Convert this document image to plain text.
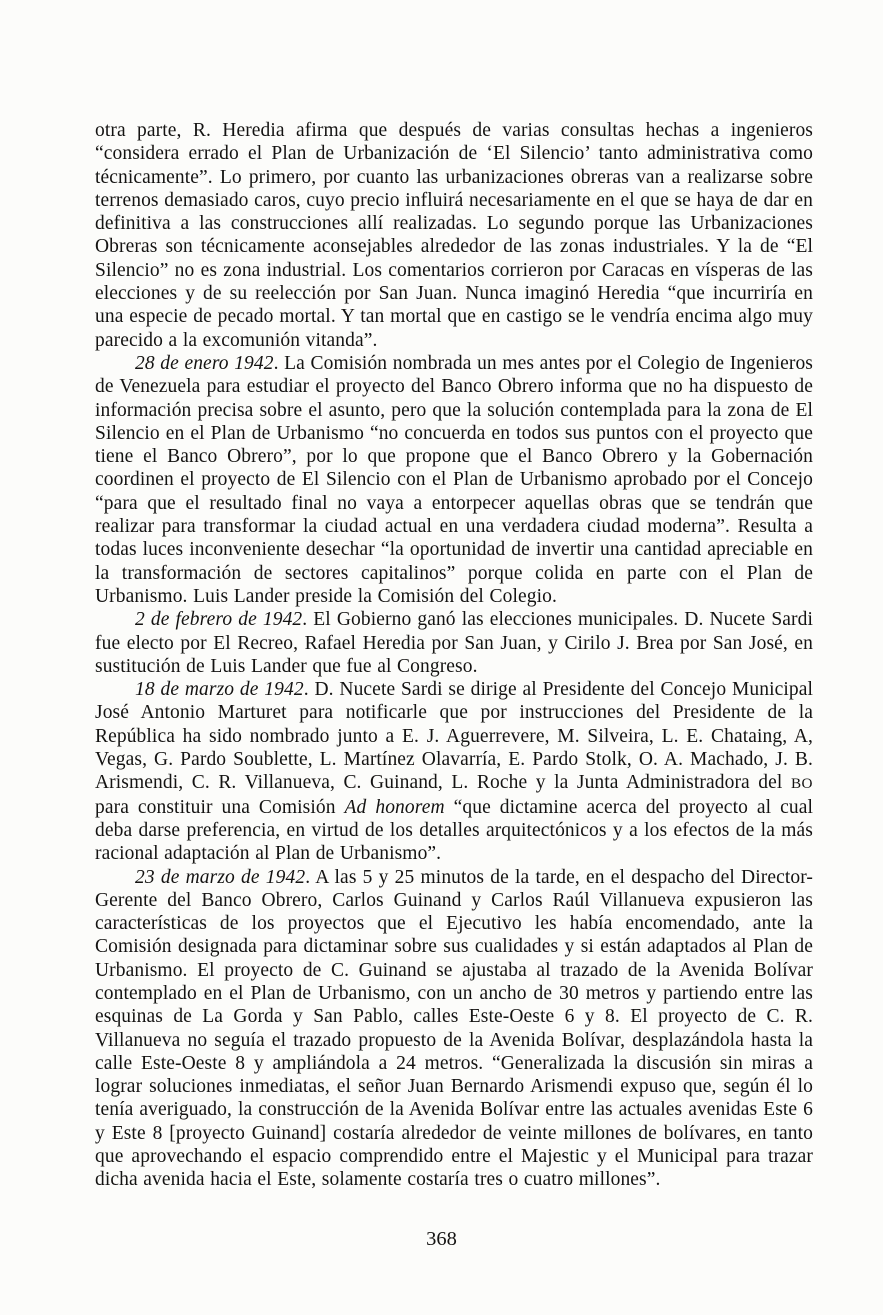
otra parte, R. Heredia afirma que después de varias consultas hechas a ingenieros “considera errado el Plan de Urbanización de ‘El Silencio’ tanto administrativa como técnicamente”. Lo primero, por cuanto las urbanizaciones obreras van a realizarse sobre terrenos demasiado caros, cuyo precio influirá necesariamente en el que se haya de dar en definitiva a las construcciones allí realizadas. Lo segundo porque las Urbanizaciones Obreras son técnicamente aconsejables alrededor de las zonas industriales. Y la de “El Silencio” no es zona industrial. Los comentarios corrieron por Caracas en vísperas de las elecciones y de su reelección por San Juan. Nunca imaginó Heredia “que incurriría en una especie de pecado mortal. Y tan mortal que en castigo se le vendría encima algo muy parecido a la excomunión vitanda”.

28 de enero 1942. La Comisión nombrada un mes antes por el Colegio de Ingenieros de Venezuela para estudiar el proyecto del Banco Obrero informa que no ha dispuesto de información precisa sobre el asunto, pero que la solución contemplada para la zona de El Silencio en el Plan de Urbanismo “no concuerda en todos sus puntos con el proyecto que tiene el Banco Obrero”, por lo que propone que el Banco Obrero y la Gobernación coordinen el proyecto de El Silencio con el Plan de Urbanismo aprobado por el Concejo “para que el resultado final no vaya a entorpecer aquellas obras que se tendrán que realizar para transformar la ciudad actual en una verdadera ciudad moderna”. Resulta a todas luces inconveniente desechar “la oportunidad de invertir una cantidad apreciable en la transformación de sectores capitalinos” porque colida en parte con el Plan de Urbanismo. Luis Lander preside la Comisión del Colegio.

2 de febrero de 1942. El Gobierno ganó las elecciones municipales. D. Nucete Sardi fue electo por El Recreo, Rafael Heredia por San Juan, y Cirilo J. Brea por San José, en sustitución de Luis Lander que fue al Congreso.

18 de marzo de 1942. D. Nucete Sardi se dirige al Presidente del Concejo Municipal José Antonio Marturet para notificarle que por instrucciones del Presidente de la República ha sido nombrado junto a E. J. Aguerrevere, M. Silveira, L. E. Chataing, A, Vegas, G. Pardo Soublette, L. Martínez Olavarría, E. Pardo Stolk, O. A. Machado, J. B. Arismendi, C. R. Villanueva, C. Guinand, L. Roche y la Junta Administradora del BO para constituir una Comisión Ad honorem “que dictamine acerca del proyecto al cual deba darse preferencia, en virtud de los detalles arquitectónicos y a los efectos de la más racional adaptación al Plan de Urbanismo”.

23 de marzo de 1942. A las 5 y 25 minutos de la tarde, en el despacho del Director-Gerente del Banco Obrero, Carlos Guinand y Carlos Raúl Villanueva expusieron las características de los proyectos que el Ejecutivo les había encomendado, ante la Comisión designada para dictaminar sobre sus cualidades y si están adaptados al Plan de Urbanismo. El proyecto de C. Guinand se ajustaba al trazado de la Avenida Bolívar contemplado en el Plan de Urbanismo, con un ancho de 30 metros y partiendo entre las esquinas de La Gorda y San Pablo, calles Este-Oeste 6 y 8. El proyecto de C. R. Villanueva no seguía el trazado propuesto de la Avenida Bolívar, desplazándola hasta la calle Este-Oeste 8 y ampliándola a 24 metros. “Generalizada la discusión sin miras a lograr soluciones inmediatas, el señor Juan Bernardo Arismendi expuso que, según él lo tenía averiguado, la construcción de la Avenida Bolívar entre las actuales avenidas Este 6 y Este 8 [proyecto Guinand] costaría alrededor de veinte millones de bolívares, en tanto que aprovechando el espacio comprendido entre el Majestic y el Municipal para trazar dicha avenida hacia el Este, solamente costaría tres o cuatro millones”.

368
